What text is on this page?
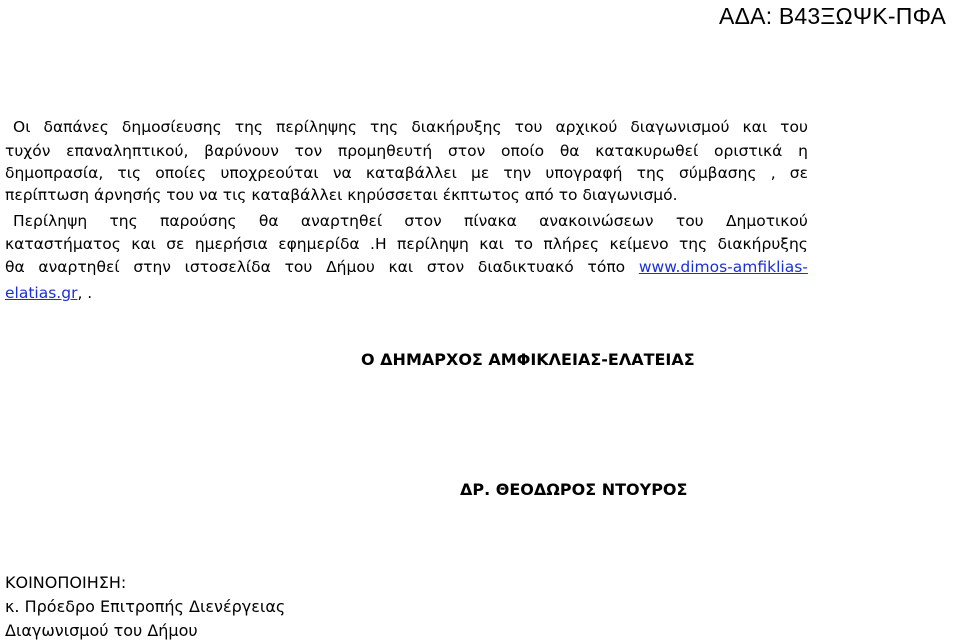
ΑΔΑ: Β43ΞΩΨΚ-ΠΦΑ
Οι δαπάνες δημοσίευσης της περίληψης της διακήρυξης του αρχικού διαγωνισμού και του
τυχόν επαναληπτικού, βαρύνουν τον προμηθευτή στον οποίο θα κατακυρωθεί οριστικά η
δημοπρασία, τις οποίες υποχρεούται να καταβάλλει με την υπογραφή της σύμβασης , σε
περίπτωση άρνησής του να τις καταβάλλει κηρύσσεται έκπτωτος από το διαγωνισμό.
Περίληψη της παρούσης θα αναρτηθεί στον πίνακα ανακοινώσεων του Δημοτικού
καταστήματος και σε ημερήσια εφημερίδα .Η περίληψη και το πλήρες κείμενο της διακήρυξης
θα αναρτηθεί στην ιστοσελίδα του Δήμου και στον διαδικτυακό τόπο www.dimos-amfiklias-
elatias.gr, .
Ο ΔΗΜΑΡΧΟΣ ΑΜΦΙΚΛΕΙΑΣ-ΕΛΑΤΕΙΑΣ
ΔΡ. ΘΕΟΔΩΡΟΣ ΝΤΟΥΡΟΣ
ΚΟΙΝΟΠΟΙΗΣΗ:
κ. Πρόεδρο Επιτροπής Διενέργειας
Διαγωνισμού του Δήμου
